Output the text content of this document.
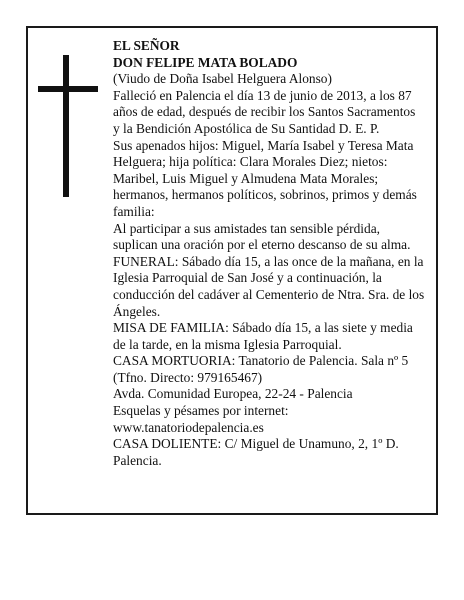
EL SEÑOR

DON FELIPE MATA BOLADO

(Viudo de Doña Isabel Helguera Alonso)

Falleció en Palencia el día 13 de junio de 2013, a los 87 años de edad, después de recibir los Santos Sacramentos y la Bendición Apostólica de Su Santidad D. E. P.

Sus apenados hijos: Miguel, María Isabel y Teresa Mata Helguera; hija política: Clara Morales Diez; nietos: Maribel, Luis Miguel y Almudena Mata Morales; hermanos, hermanos políticos, sobrinos, primos y demás familia:

Al participar a sus amistades tan sensible pérdida, suplican una oración por el eterno descanso de su alma.

FUNERAL: Sábado día 15, a las once de la mañana, en la Iglesia Parroquial de San José y a continuación, la conducción del cadáver al Cementerio de Ntra. Sra. de los Ángeles.

MISA DE FAMILIA: Sábado día 15, a las siete y media de la tarde, en la misma Iglesia Parroquial.

CASA MORTUORIA: Tanatorio de Palencia. Sala nº 5 (Tfno. Directo: 979165467)

Avda. Comunidad Europea, 22-24 - Palencia

Esquelas y pésames por internet:

www.tanatoriodepalencia.es

CASA DOLIENTE: C/ Miguel de Unamuno, 2, 1º D. Palencia.
